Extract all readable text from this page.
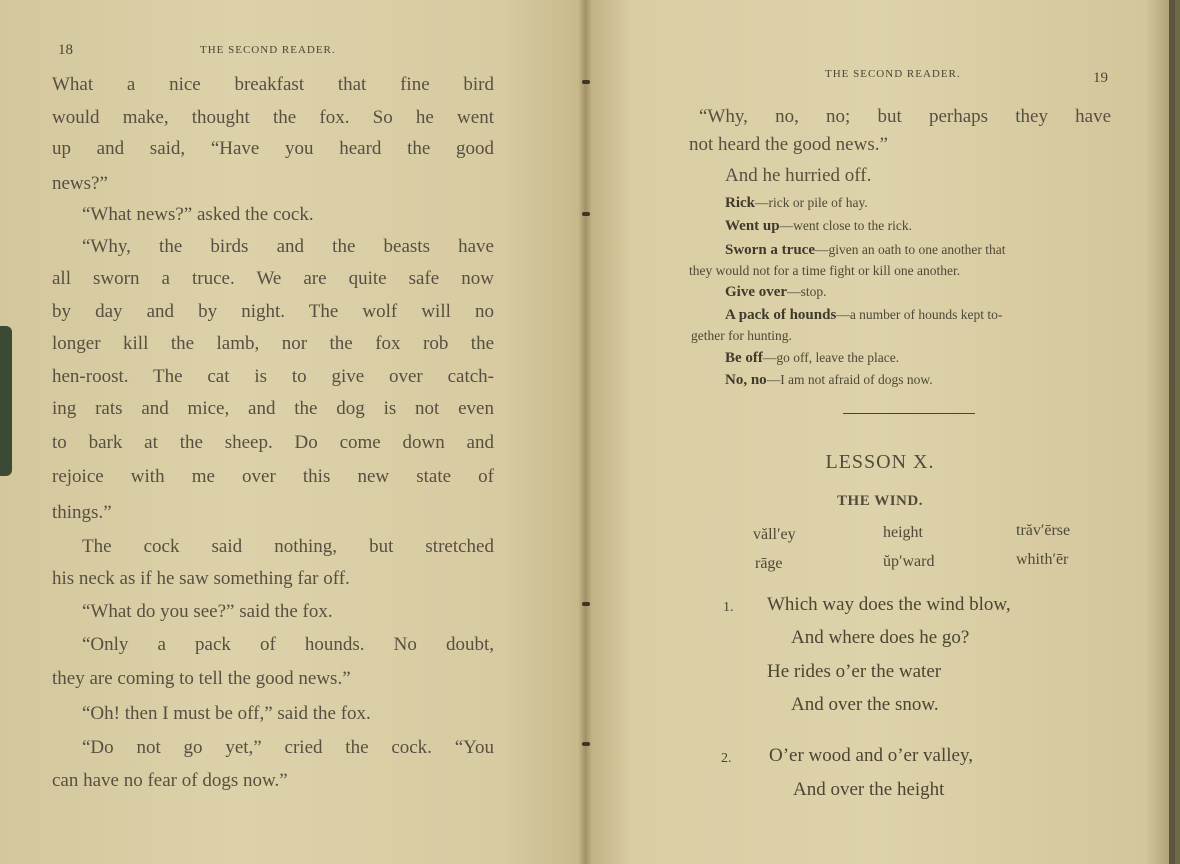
18	THE SECOND READER.

What a nice breakfast that fine bird

would make, thought the fox. So he went

up and said, “Have you heard the good

news?”

“What news?” asked the cock.

“Why, the birds and the beasts have

all sworn a truce. We are quite safe now

by day and by night. The wolf will no

longer kill the lamb, nor the fox rob the

hen-roost. The cat is to give over catch-

ing rats and mice, and the dog is not even

to bark at the sheep. Do come down and

rejoice with me over this new state of

things.”

The cock said nothing, but stretched

his neck as if he saw something far off.

“What do you see?” said the fox.

“Only a pack of hounds. No doubt,

they are coming to tell the good news.”

“Oh! then I must be off,” said the fox.

“Do not go yet,” cried the cock. “You

can have no fear of dogs now.”

THE SECOND READER.	19

“Why, no, no; but perhaps they have

not heard the good news.”

And he hurried off.

Rick—rick or pile of hay.

Went up—went close to the rick.

Sworn a truce—given an oath to one another that

they would not for a time fight or kill one another.

Give over—stop.

A pack of hounds—a number of hounds kept to-

gether for hunting.

Be off—go off, leave the place.

No, no—I am not afraid of dogs now.

LESSON X.
THE WIND.
văll′ey	height	trăv′ērse
rāge	ŭp′ward	whith′ēr
1. Which way does the wind blow,

And where does he go?

He rides o’er the water

And over the snow.

2. O’er wood and o’er valley,

And over the height
